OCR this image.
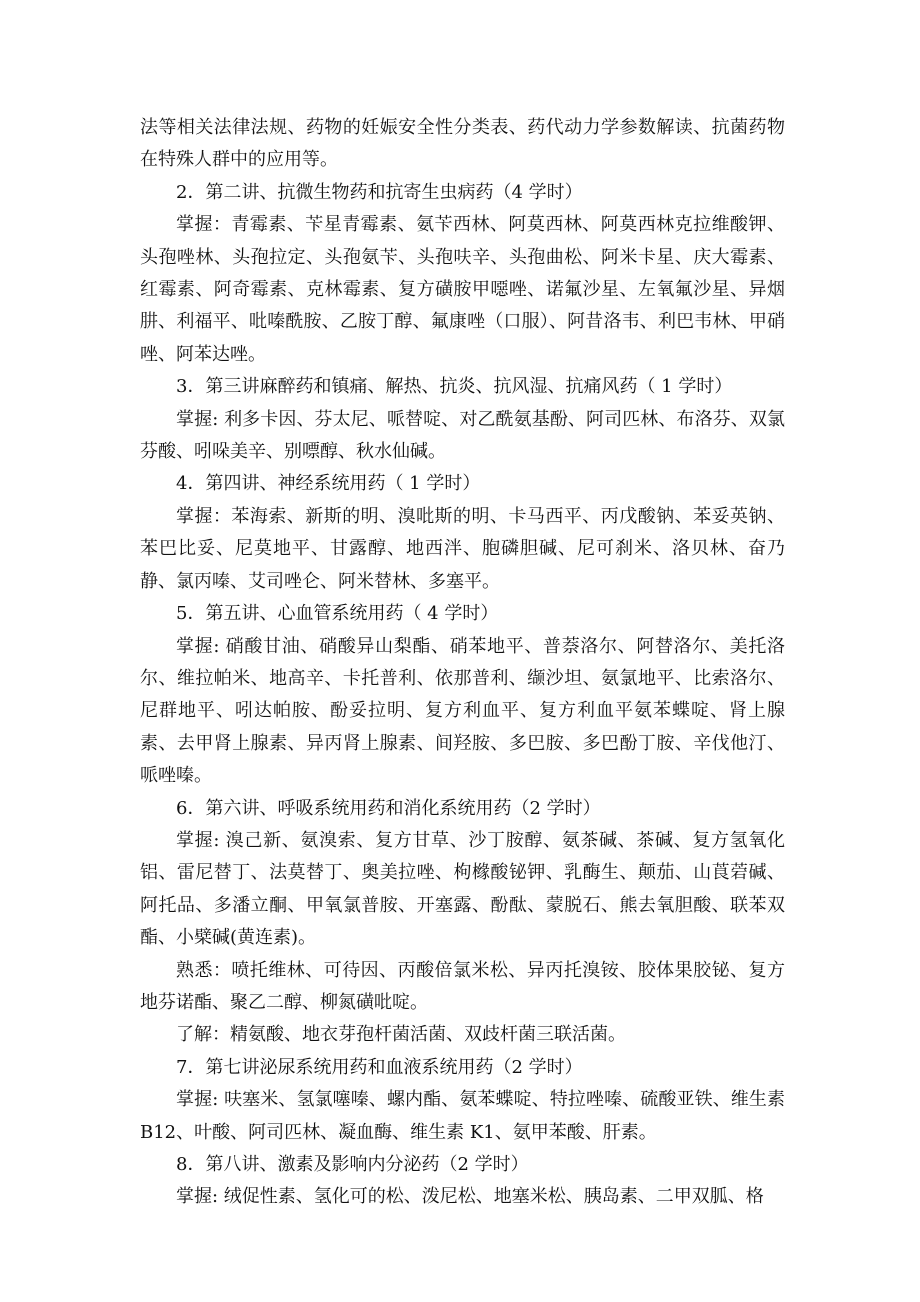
法等相关法律法规、药物的妊娠安全性分类表、药代动力学参数解读、抗菌药物在特殊人群中的应用等。

2．第二讲、抗微生物药和抗寄生虫病药（4 学时）

掌握：青霉素、苄星青霉素、氨苄西林、阿莫西林、阿莫西林克拉维酸钾、头孢唑林、头孢拉定、头孢氨苄、头孢呋辛、头孢曲松、阿米卡星、庆大霉素、红霉素、阿奇霉素、克林霉素、复方磺胺甲噁唑、诺氟沙星、左氧氟沙星、异烟肼、利福平、吡嗪酰胺、乙胺丁醇、氟康唑（口服）、阿昔洛韦、利巴韦林、甲硝唑、阿苯达唑。

3．第三讲麻醉药和镇痛、解热、抗炎、抗风湿、抗痛风药（ 1 学时）

掌握: 利多卡因、芬太尼、哌替啶、对乙酰氨基酚、阿司匹林、布洛芬、双氯芬酸、吲哚美辛、别嘌醇、秋水仙碱。

4．第四讲、神经系统用药（ 1 学时）

掌握：苯海索、新斯的明、溴吡斯的明、卡马西平、丙戊酸钠、苯妥英钠、苯巴比妥、尼莫地平、甘露醇、地西泮、胞磷胆碱、尼可刹米、洛贝林、奋乃静、氯丙嗪、艾司唑仑、阿米替林、多塞平。

5．第五讲、心血管系统用药（ 4 学时）

掌握: 硝酸甘油、硝酸异山梨酯、硝苯地平、普萘洛尔、阿替洛尔、美托洛尔、维拉帕米、地高辛、卡托普利、依那普利、缬沙坦、氨氯地平、比索洛尔、尼群地平、吲达帕胺、酚妥拉明、复方利血平、复方利血平氨苯蝶啶、肾上腺素、去甲肾上腺素、异丙肾上腺素、间羟胺、多巴胺、多巴酚丁胺、辛伐他汀、哌唑嗪。

6．第六讲、呼吸系统用药和消化系统用药（2 学时）

掌握: 溴己新、氨溴索、复方甘草、沙丁胺醇、氨茶碱、茶碱、复方氢氧化铝、雷尼替丁、法莫替丁、奥美拉唑、枸橼酸铋钾、乳酶生、颠茄、山莨菪碱、阿托品、多潘立酮、甲氧氯普胺、开塞露、酚酞、蒙脱石、熊去氧胆酸、联苯双酯、小檗碱(黄连素)。

熟悉：喷托维林、可待因、丙酸倍氯米松、异丙托溴铵、胶体果胶铋、复方地芬诺酯、聚乙二醇、柳氮磺吡啶。

了解：精氨酸、地衣芽孢杆菌活菌、双歧杆菌三联活菌。

7．第七讲泌尿系统用药和血液系统用药（2 学时）

掌握: 呋塞米、氢氯噻嗪、螺内酯、氨苯蝶啶、特拉唑嗪、硫酸亚铁、维生素 B12、叶酸、阿司匹林、凝血酶、维生素 K1、氨甲苯酸、肝素。

8．第八讲、激素及影响内分泌药（2 学时）

掌握: 绒促性素、氢化可的松、泼尼松、地塞米松、胰岛素、二甲双胍、格
